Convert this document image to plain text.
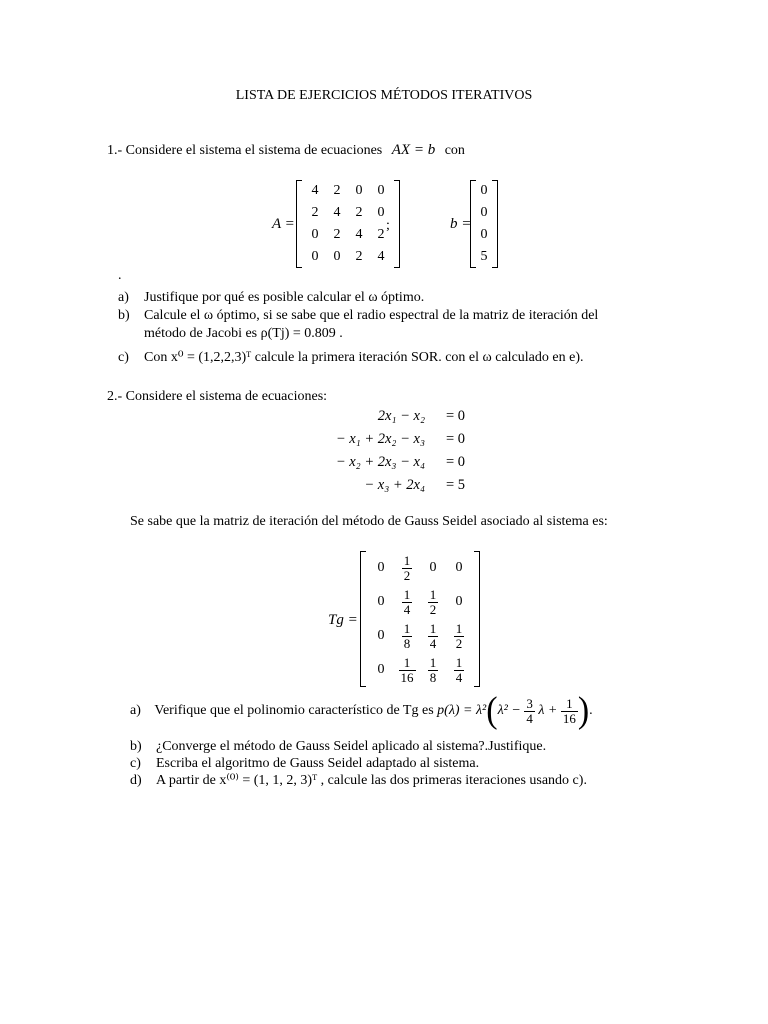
LISTA DE EJERCICIOS MÉTODOS ITERATIVOS
1.- Considere el sistema el sistema de ecuaciones AX = b con
A =
4	2	0	0
2	4	2	0
0	2	4	2
0	0	2	4
;	b =
0
0
0
5
.
a) Justifique por qué es posible calcular el ω óptimo.
b) Calcule el ω óptimo, si se sabe que el radio espectral de la matriz de iteración del
método de Jacobi es ρ(Tj) = 0.809 .
c) Con x⁰ = (1,2,2,3)ᵀ calcule la primera iteración SOR. con el ω calculado en e).
2.- Considere el sistema de ecuaciones:
2x₁ − x₂	= 0
− x₁ + 2x₂ − x₃	= 0
− x₂ + 2x₃ − x₄	= 0
− x₃ + 2x₄	= 5
Se sabe que la matriz de iteración del método de Gauss Seidel asociado al sistema es:
Tg =
0	$\frac{1}{2}$	0	0
0	$\frac{1}{4}$	$\frac{1}{2}$	0
0	$\frac{1}{8}$	$\frac{1}{4}$	$\frac{1}{2}$

0	$\frac{1}{16}$	$\frac{1}{8}$	$\frac{1}{4}$
a) Verifique que el polinomio característico de Tg es $p(\lambda) = \lambda^2(\lambda^2 - \frac{3}{4}$ $\lambda + \frac{1}{16}$ ).
b) ¿Converge el método de Gauss Seidel aplicado al sistema?.Justifique.
c) Escriba el algoritmo de Gauss Seidel adaptado al sistema.
d) A partir de x⁽⁰⁾ = (1, 1, 2, 3)ᵀ , calcule las dos primeras iteraciones usando c).
